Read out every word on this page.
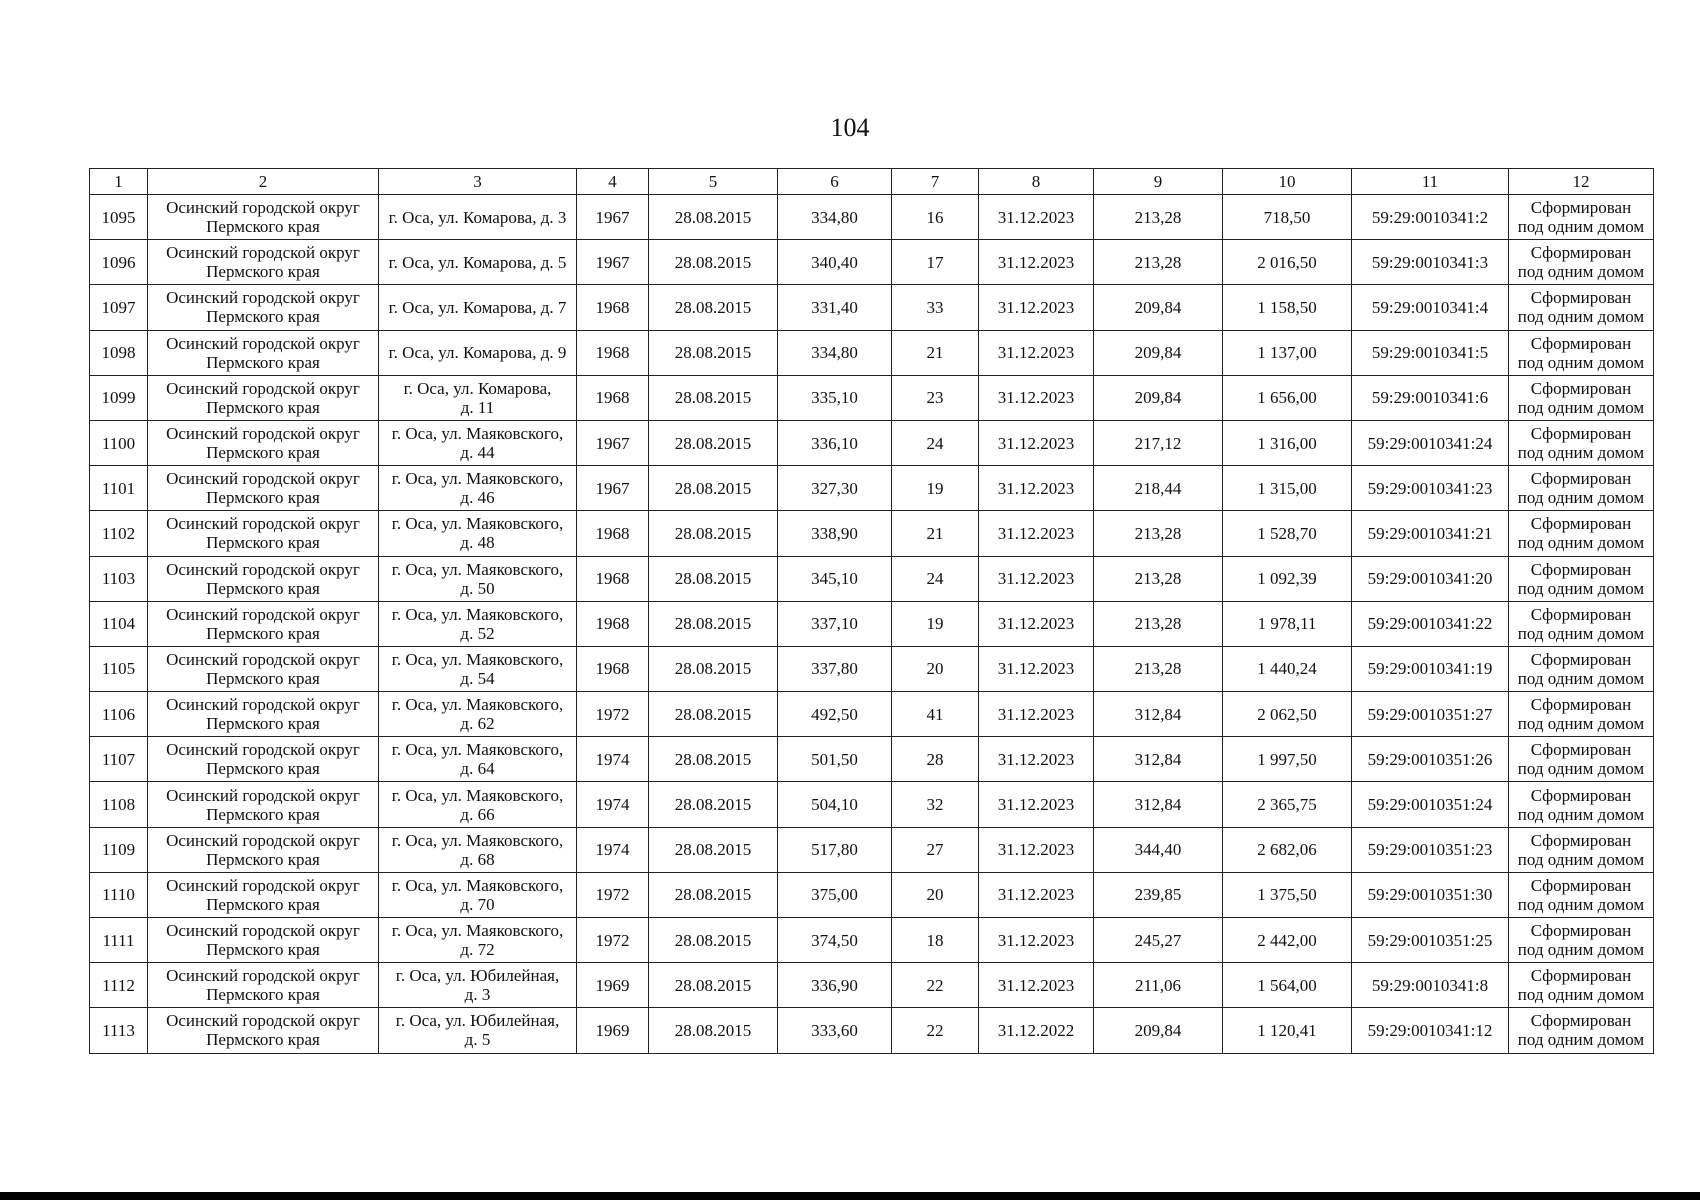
104
1	2	3	4	5	6	7	8	9	10	11	12
1095	Осинский городской округ
Пермского края	г. Оса, ул. Комарова, д. 3	1967	28.08.2015	334,80	16	31.12.2023	213,28	718,50	59:29:0010341:2	Сформирован
под одним домом

1096	Осинский городской округ
Пермского края	г. Оса, ул. Комарова, д. 5	1967	28.08.2015	340,40	17	31.12.2023	213,28	2 016,50	59:29:0010341:3	Сформирован
под одним домом

1097	Осинский городской округ
Пермского края	г. Оса, ул. Комарова, д. 7	1968	28.08.2015	331,40	33	31.12.2023	209,84	1 158,50	59:29:0010341:4	Сформирован
под одним домом

1098	Осинский городской округ
Пермского края	г. Оса, ул. Комарова, д. 9	1968	28.08.2015	334,80	21	31.12.2023	209,84	1 137,00	59:29:0010341:5	Сформирован
под одним домом

1099	Осинский городской округ
Пермского края	г. Оса, ул. Комарова,
д. 11	1968	28.08.2015	335,10	23	31.12.2023	209,84	1 656,00	59:29:0010341:6	Сформирован
под одним домом

1100	Осинский городской округ
Пермского края	г. Оса, ул. Маяковского,
д. 44	1967	28.08.2015	336,10	24	31.12.2023	217,12	1 316,00	59:29:0010341:24	Сформирован
под одним домом

1101	Осинский городской округ
Пермского края	г. Оса, ул. Маяковского,
д. 46	1967	28.08.2015	327,30	19	31.12.2023	218,44	1 315,00	59:29:0010341:23	Сформирован
под одним домом

1102	Осинский городской округ
Пермского края	г. Оса, ул. Маяковского,
д. 48	1968	28.08.2015	338,90	21	31.12.2023	213,28	1 528,70	59:29:0010341:21	Сформирован
под одним домом

1103	Осинский городской округ
Пермского края	г. Оса, ул. Маяковского,
д. 50	1968	28.08.2015	345,10	24	31.12.2023	213,28	1 092,39	59:29:0010341:20	Сформирован
под одним домом

1104	Осинский городской округ
Пермского края	г. Оса, ул. Маяковского,
д. 52	1968	28.08.2015	337,10	19	31.12.2023	213,28	1 978,11	59:29:0010341:22	Сформирован
под одним домом

1105	Осинский городской округ
Пермского края	г. Оса, ул. Маяковского,
д. 54	1968	28.08.2015	337,80	20	31.12.2023	213,28	1 440,24	59:29:0010341:19	Сформирован
под одним домом

1106	Осинский городской округ
Пермского края	г. Оса, ул. Маяковского,
д. 62	1972	28.08.2015	492,50	41	31.12.2023	312,84	2 062,50	59:29:0010351:27	Сформирован
под одним домом

1107	Осинский городской округ
Пермского края	г. Оса, ул. Маяковского,
д. 64	1974	28.08.2015	501,50	28	31.12.2023	312,84	1 997,50	59:29:0010351:26	Сформирован
под одним домом

1108	Осинский городской округ
Пермского края	г. Оса, ул. Маяковского,
д. 66	1974	28.08.2015	504,10	32	31.12.2023	312,84	2 365,75	59:29:0010351:24	Сформирован
под одним домом

1109	Осинский городской округ
Пермского края	г. Оса, ул. Маяковского,
д. 68	1974	28.08.2015	517,80	27	31.12.2023	344,40	2 682,06	59:29:0010351:23	Сформирован
под одним домом

1110	Осинский городской округ
Пермского края	г. Оса, ул. Маяковского,
д. 70	1972	28.08.2015	375,00	20	31.12.2023	239,85	1 375,50	59:29:0010351:30	Сформирован
под одним домом

1111	Осинский городской округ
Пермского края	г. Оса, ул. Маяковского,
д. 72	1972	28.08.2015	374,50	18	31.12.2023	245,27	2 442,00	59:29:0010351:25	Сформирован
под одним домом

1112	Осинский городской округ
Пермского края	г. Оса, ул. Юбилейная,
д. 3	1969	28.08.2015	336,90	22	31.12.2023	211,06	1 564,00	59:29:0010341:8	Сформирован
под одним домом

1113	Осинский городской округ
Пермского края	г. Оса, ул. Юбилейная,
д. 5	1969	28.08.2015	333,60	22	31.12.2022	209,84	1 120,41	59:29:0010341:12	Сформирован
под одним домом
